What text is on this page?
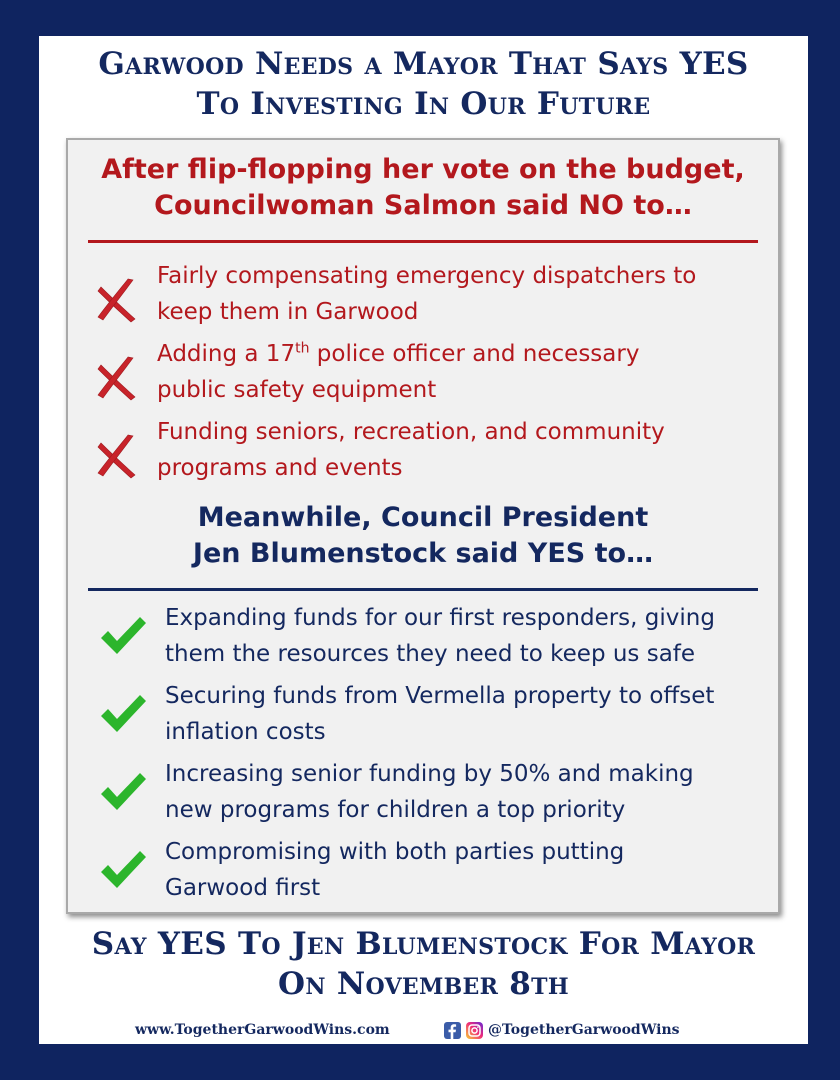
Garwood Needs a Mayor That Says YES
To Investing In Our Future
After flip-flopping her vote on the budget,
Councilwoman Salmon said NO to…
Fairly compensating emergency dispatchers to
keep them in Garwood
Adding a 17th police officer and necessary
public safety equipment
Funding seniors, recreation, and community
programs and events
Meanwhile, Council President
Jen Blumenstock said YES to…
Expanding funds for our first responders, giving
them the resources they need to keep us safe
Securing funds from Vermella property to offset
inflation costs
Increasing senior funding by 50% and making
new programs for children a top priority
Compromising with both parties putting
Garwood first
Say YES To Jen Blumenstock For Mayor
On November 8th
www.TogetherGarwoodWins.com	@TogetherGarwoodWins
